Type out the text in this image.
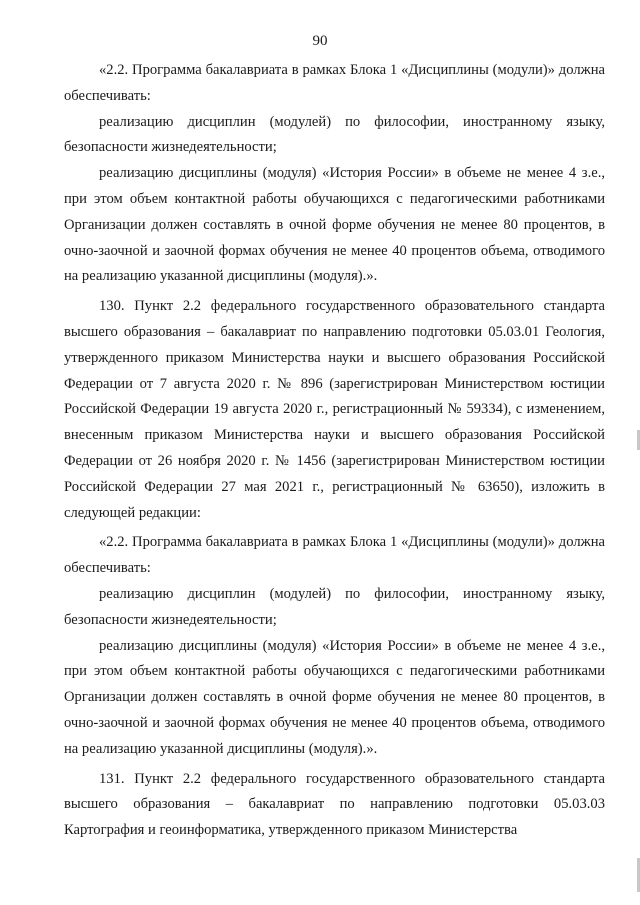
90

«2.2. Программа бакалавриата в рамках Блока 1 «Дисциплины (модули)» должна обеспечивать:

реализацию дисциплин (модулей) по философии, иностранному языку, безопасности жизнедеятельности;

реализацию дисциплины (модуля) «История России» в объеме не менее 4 з.е., при этом объем контактной работы обучающихся с педагогическими работниками Организации должен составлять в очной форме обучения не менее 80 процентов, в очно-заочной и заочной формах обучения не менее 40 процентов объема, отводимого на реализацию указанной дисциплины (модуля).».

130. Пункт 2.2 федерального государственного образовательного стандарта высшего образования – бакалавриат по направлению подготовки 05.03.01 Геология, утвержденного приказом Министерства науки и высшего образования Российской Федерации от 7 августа 2020 г. № 896 (зарегистрирован Министерством юстиции Российской Федерации 19 августа 2020 г., регистрационный № 59334), с изменением, внесенным приказом Министерства науки и высшего образования Российской Федерации от 26 ноября 2020 г. № 1456 (зарегистрирован Министерством юстиции Российской Федерации 27 мая 2021 г., регистрационный № 63650), изложить в следующей редакции:

«2.2. Программа бакалавриата в рамках Блока 1 «Дисциплины (модули)» должна обеспечивать:

реализацию дисциплин (модулей) по философии, иностранному языку, безопасности жизнедеятельности;

реализацию дисциплины (модуля) «История России» в объеме не менее 4 з.е., при этом объем контактной работы обучающихся с педагогическими работниками Организации должен составлять в очной форме обучения не менее 80 процентов, в очно-заочной и заочной формах обучения не менее 40 процентов объема, отводимого на реализацию указанной дисциплины (модуля).».

131. Пункт 2.2 федерального государственного образовательного стандарта высшего образования – бакалавриат по направлению подготовки 05.03.03 Картография и геоинформатика, утвержденного приказом Министерства
